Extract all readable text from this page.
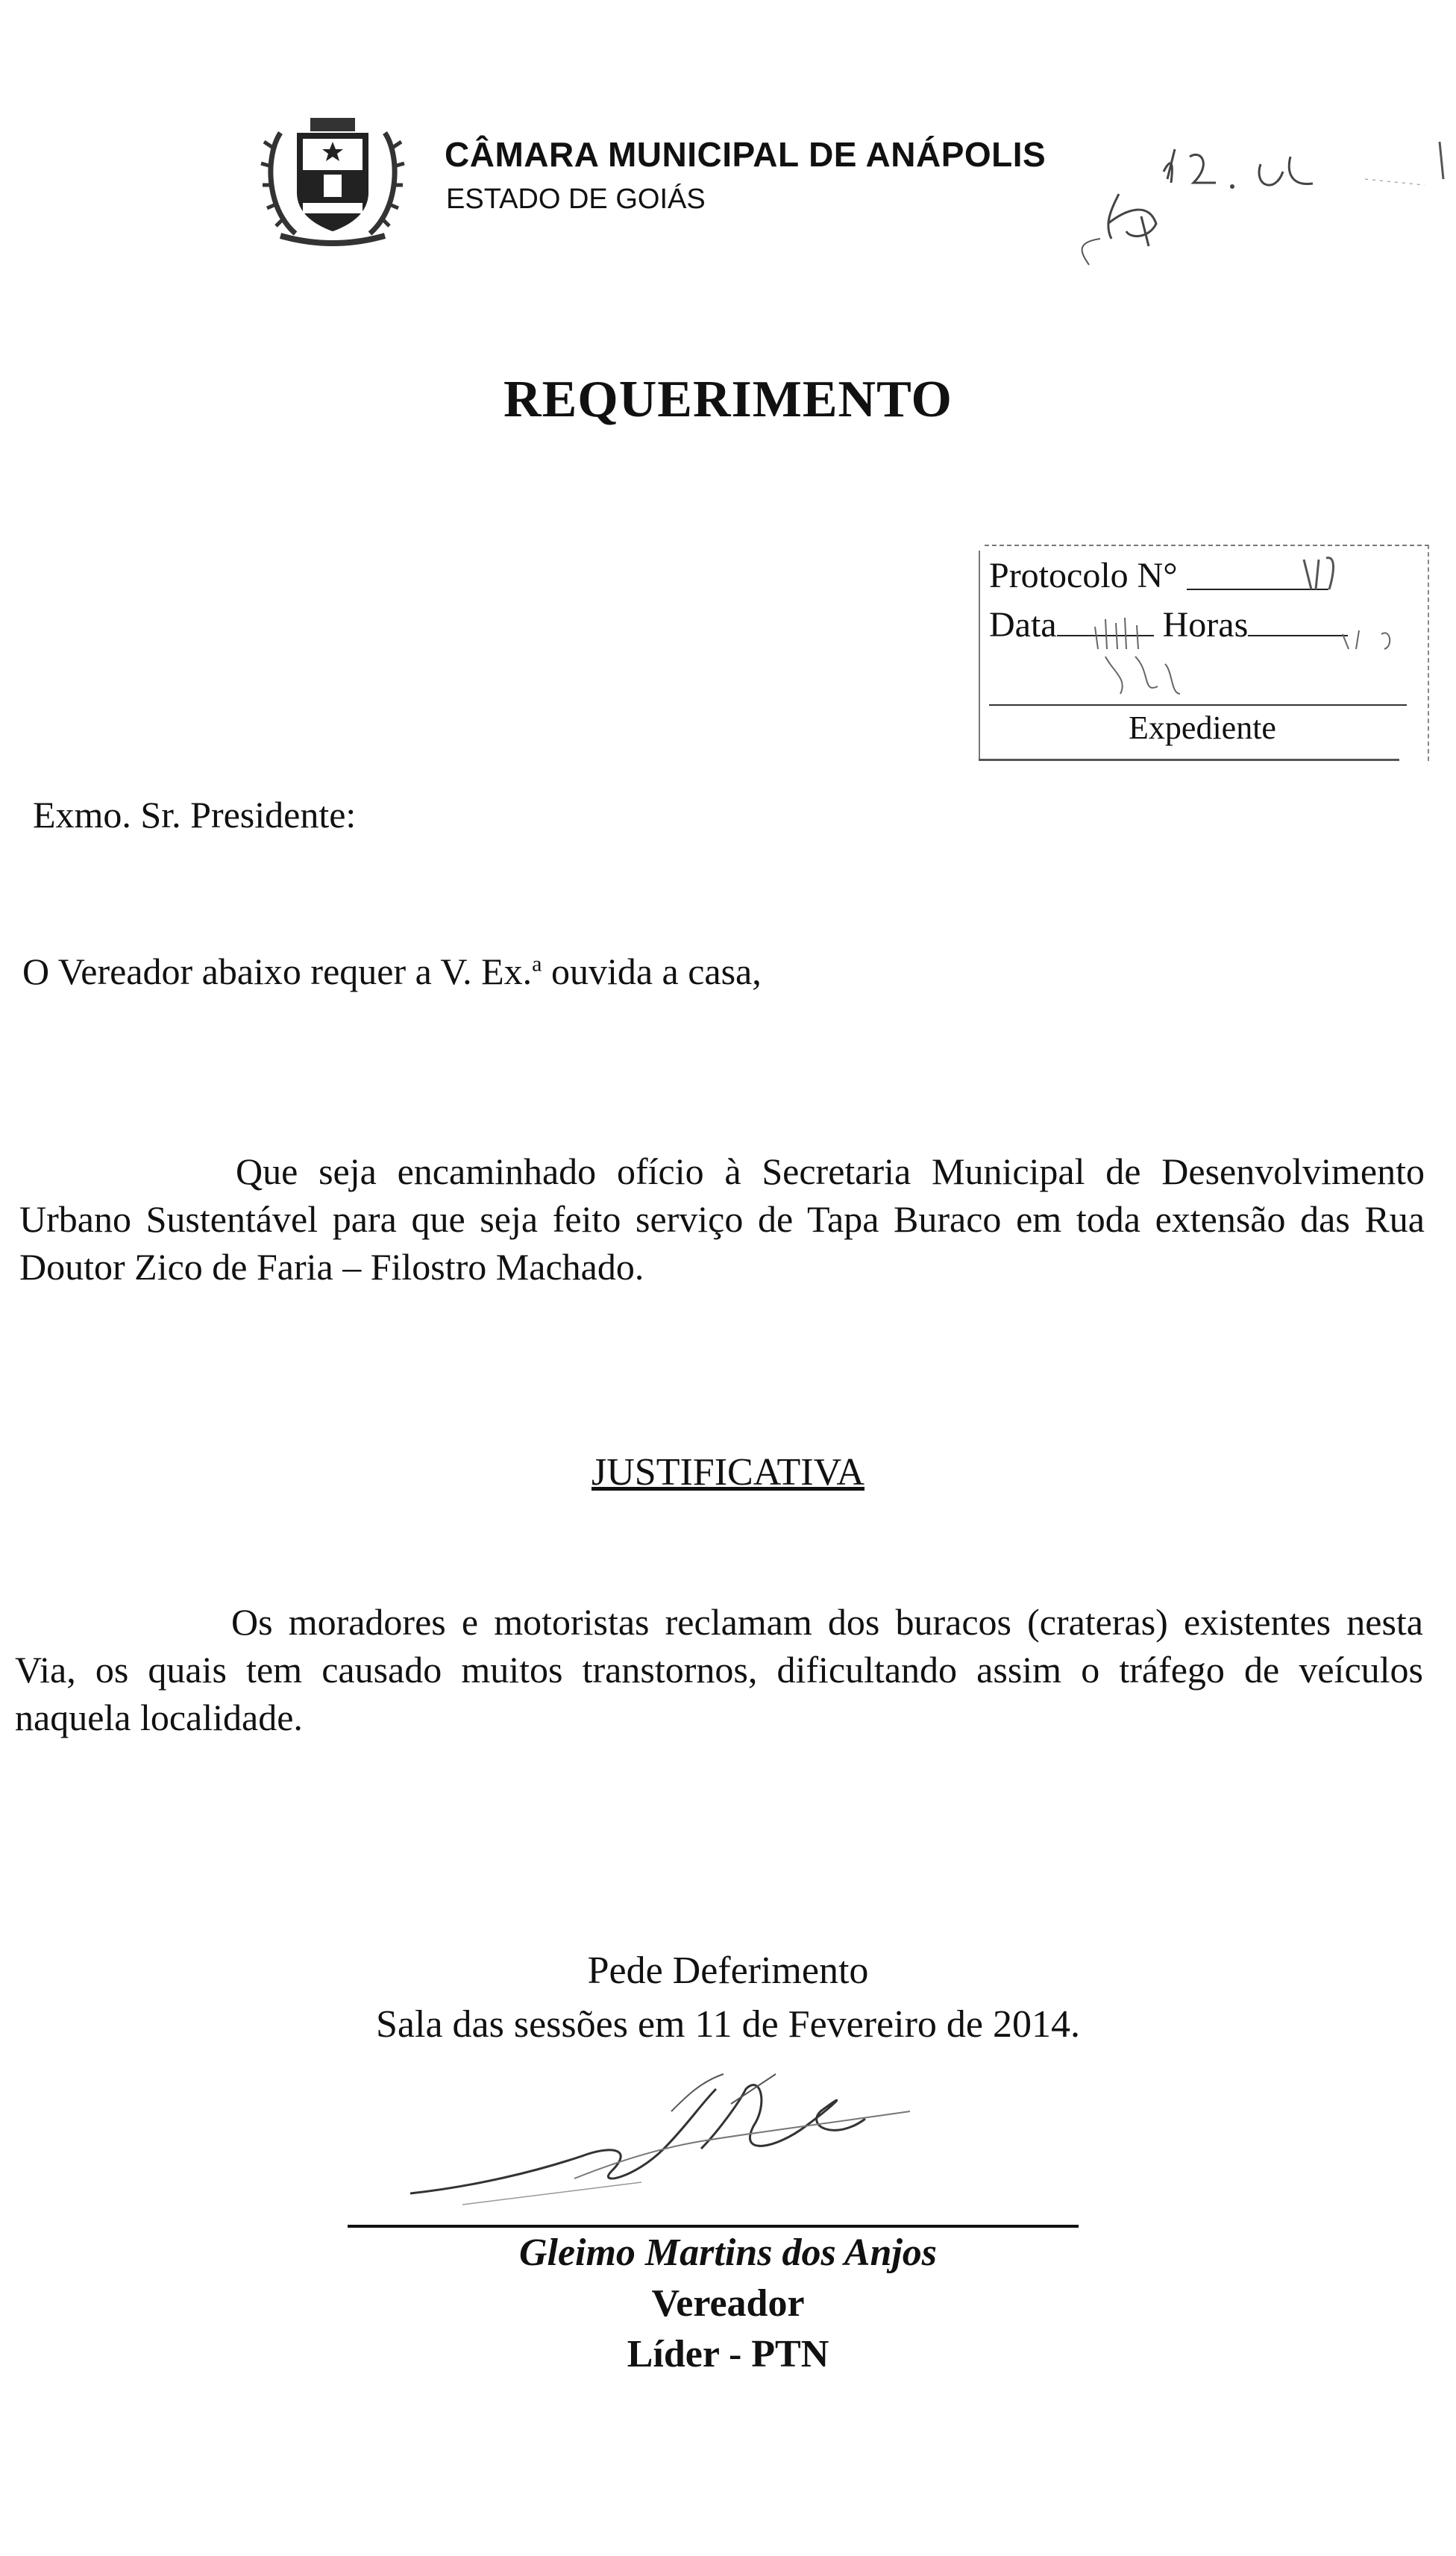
CÂMARA MUNICIPAL DE ANÁPOLIS
ESTADO DE GOIÁS
REQUERIMENTO
Protocolo N°
Data	Horas
Expediente
Exmo. Sr. Presidente:
O Vereador abaixo requer a V. Ex.$^a$ ouvida a casa,
Que seja encaminhado ofício à Secretaria Municipal de Desenvolvimento Urbano Sustentável para que seja feito serviço de Tapa Buraco em toda extensão das Rua Doutor Zico de Faria – Filostro Machado.
JUSTIFICATIVA
Os moradores e motoristas reclamam dos buracos (crateras) existentes nesta Via, os quais tem causado muitos transtornos, dificultando assim o tráfego de veículos naquela localidade.
Pede Deferimento
Sala das sessões em 11 de Fevereiro de 2014.
Gleimo Martins dos Anjos
Vereador
Líder - PTN
